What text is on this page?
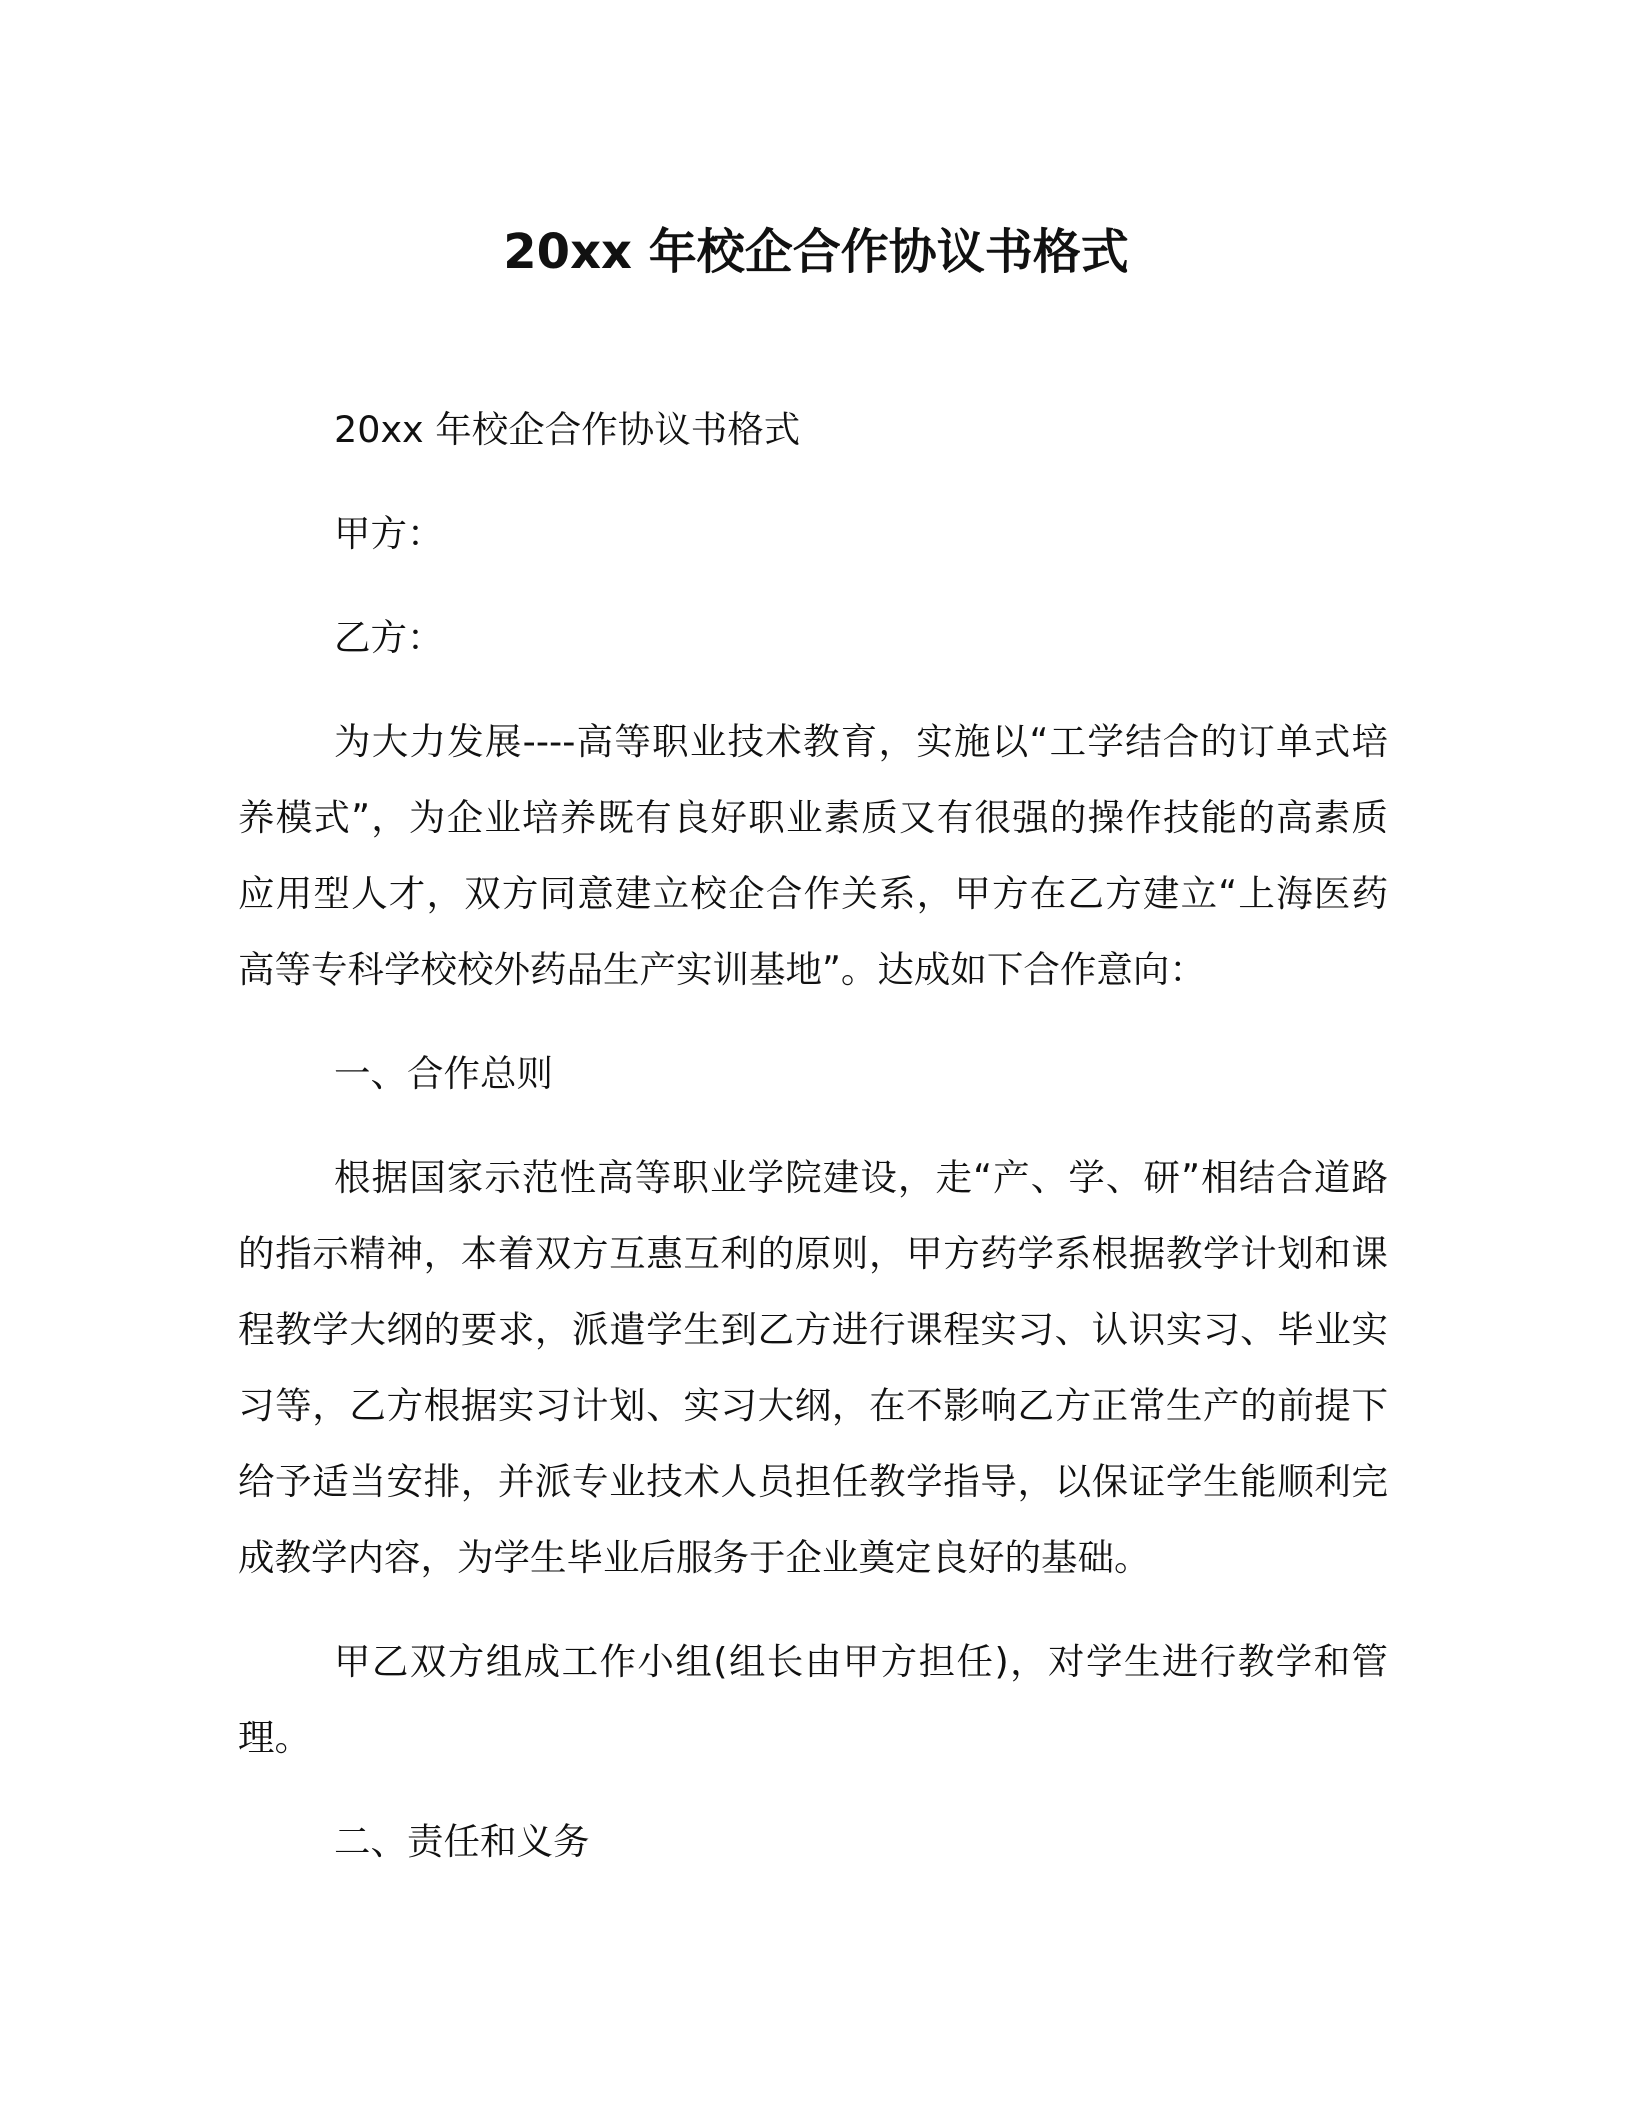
20xx 年校企合作协议书格式

20xx 年校企合作协议书格式

甲方：

乙方：

为大力发展----高等职业技术教育，实施以“工学结合的订单式培养模式”，为企业培养既有良好职业素质又有很强的操作技能的高素质应用型人才，双方同意建立校企合作关系，甲方在乙方建立“上海医药高等专科学校校外药品生产实训基地”。达成如下合作意向：

一、合作总则

根据国家示范性高等职业学院建设，走“产、学、研”相结合道路的指示精神，本着双方互惠互利的原则，甲方药学系根据教学计划和课程教学大纲的要求，派遣学生到乙方进行课程实习、认识实习、毕业实习等，乙方根据实习计划、实习大纲，在不影响乙方正常生产的前提下给予适当安排，并派专业技术人员担任教学指导，以保证学生能顺利完成教学内容，为学生毕业后服务于企业奠定良好的基础。

甲乙双方组成工作小组(组长由甲方担任)，对学生进行教学和管理。

二、责任和义务
